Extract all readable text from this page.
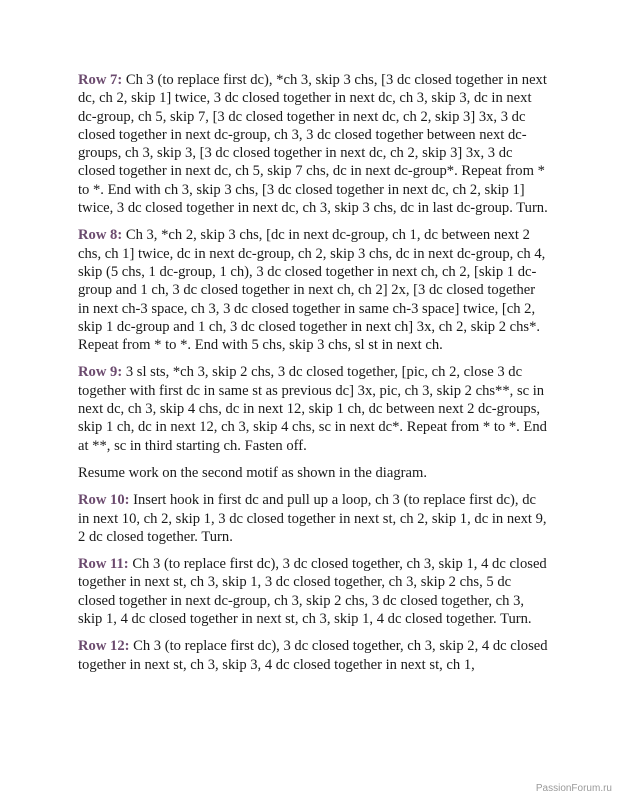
Row 7: Ch 3 (to replace first dc), *ch 3, skip 3 chs, [3 dc closed together in next dc, ch 2, skip 1] twice, 3 dc closed together in next dc, ch 3, skip 3, dc in next dc-group, ch 5, skip 7, [3 dc closed together in next dc, ch 2, skip 3] 3x, 3 dc closed together in next dc-group, ch 3, 3 dc closed together between next dc-groups, ch 3, skip 3, [3 dc closed together in next dc, ch 2, skip 3] 3x, 3 dc closed together in next dc, ch 5, skip 7 chs, dc in next dc-group*. Repeat from * to *. End with ch 3, skip 3 chs, [3 dc closed together in next dc, ch 2, skip 1] twice, 3 dc closed together in next dc, ch 3, skip 3 chs, dc in last dc-group. Turn.

Row 8: Ch 3, *ch 2, skip 3 chs, [dc in next dc-group, ch 1, dc between next 2 chs, ch 1] twice, dc in next dc-group, ch 2, skip 3 chs, dc in next dc-group, ch 4, skip (5 chs, 1 dc-group, 1 ch), 3 dc closed together in next ch, ch 2, [skip 1 dc-group and 1 ch, 3 dc closed together in next ch, ch 2] 2x, [3 dc closed together in next ch-3 space, ch 3, 3 dc closed together in same ch-3 space] twice, [ch 2, skip 1 dc-group and 1 ch, 3 dc closed together in next ch] 3x, ch 2, skip 2 chs*. Repeat from * to *. End with 5 chs, skip 3 chs, sl st in next ch.

Row 9: 3 sl sts, *ch 3, skip 2 chs, 3 dc closed together, [pic, ch 2, close 3 dc together with first dc in same st as previous dc] 3x, pic, ch 3, skip 2 chs**, sc in next dc, ch 3, skip 4 chs, dc in next 12, skip 1 ch, dc between next 2 dc-groups, skip 1 ch, dc in next 12, ch 3, skip 4 chs, sc in next dc*. Repeat from * to *. End at **, sc in third starting ch. Fasten off.

Resume work on the second motif as shown in the diagram.

Row 10: Insert hook in first dc and pull up a loop, ch 3 (to replace first dc), dc in next 10, ch 2, skip 1, 3 dc closed together in next st, ch 2, skip 1, dc in next 9, 2 dc closed together. Turn.

Row 11: Ch 3 (to replace first dc), 3 dc closed together, ch 3, skip 1, 4 dc closed together in next st, ch 3, skip 1, 3 dc closed together, ch 3, skip 2 chs, 5 dc closed together in next dc-group, ch 3, skip 2 chs, 3 dc closed together, ch 3, skip 1, 4 dc closed together in next st, ch 3, skip 1, 4 dc closed together. Turn.

Row 12: Ch 3 (to replace first dc), 3 dc closed together, ch 3, skip 2, 4 dc closed together in next st, ch 3, skip 3, 4 dc closed together in next st, ch 1,

PassionForum.ru
